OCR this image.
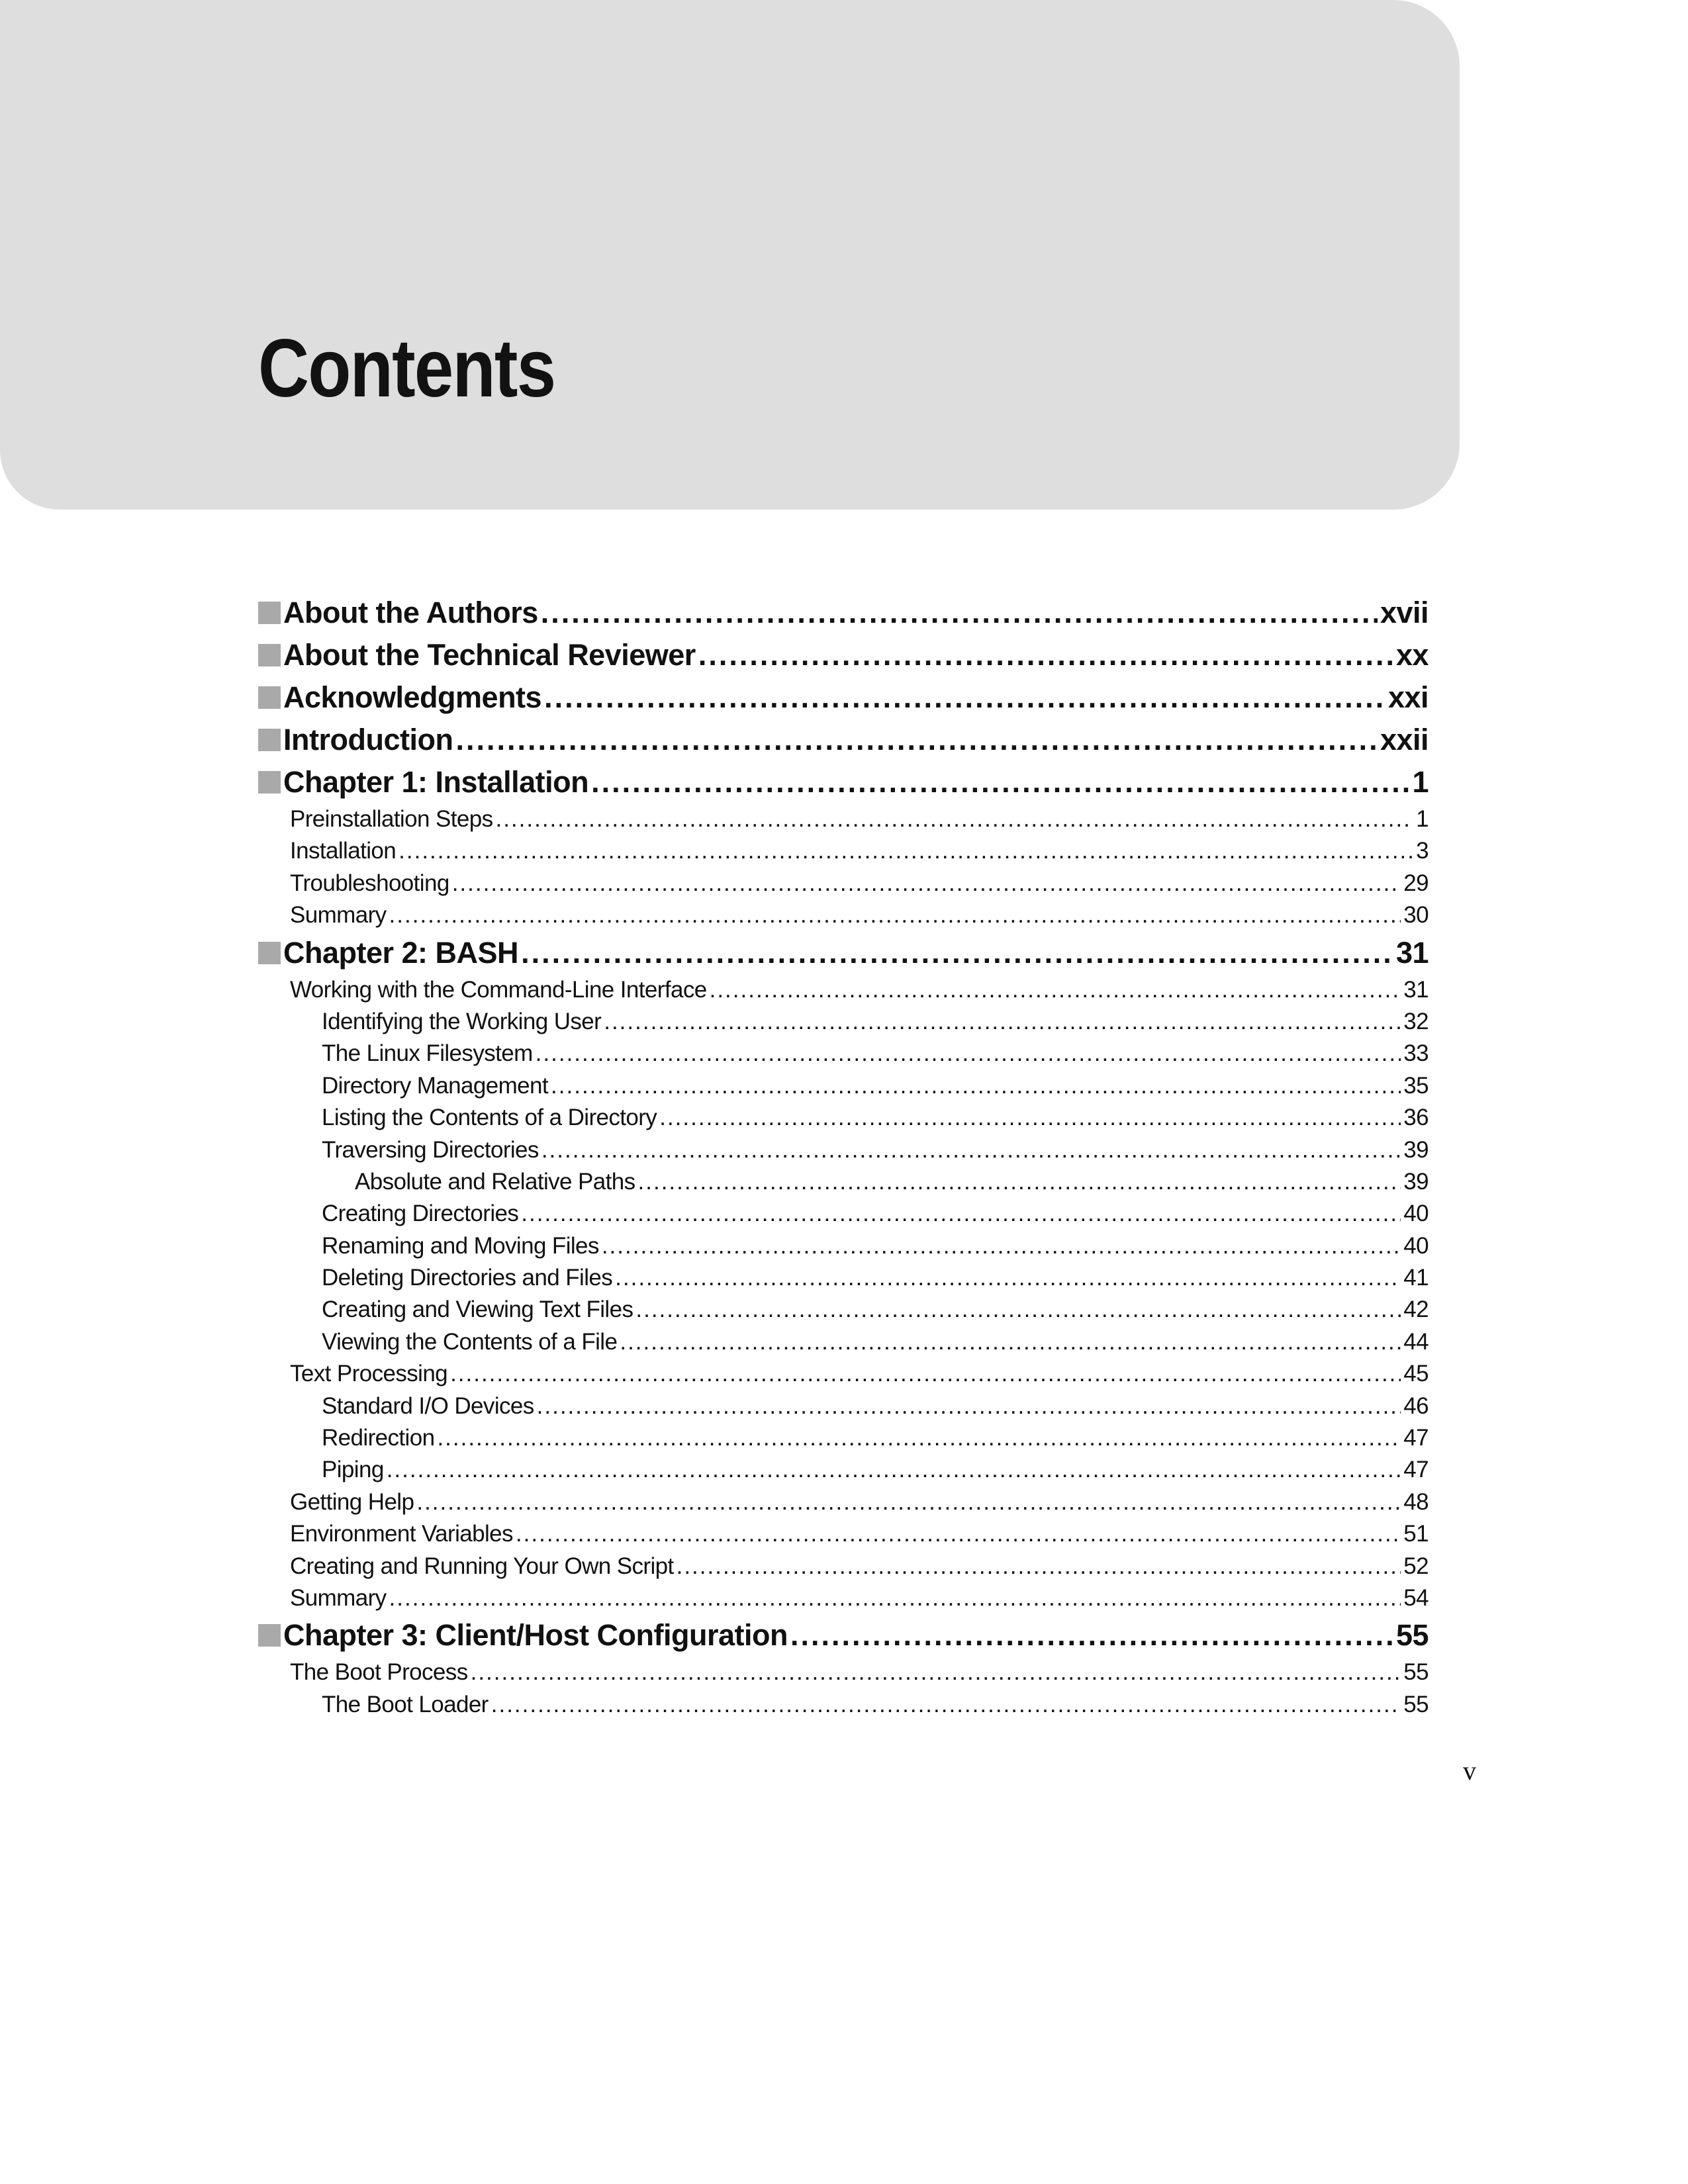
Contents
About the Authors .....	xvii
About the Technical Reviewer .....	xx
Acknowledgments .....	xxi
Introduction .....	xxii
Chapter 1: Installation .....	1
Preinstallation Steps .....	1
Installation .....	3
Troubleshooting .....	29
Summary .....	30
Chapter 2: BASH .....	31
Working with the Command-Line Interface .....	31
Identifying the Working User .....	32
The Linux Filesystem .....	33
Directory Management .....	35
Listing the Contents of a Directory .....	36
Traversing Directories .....	39
Absolute and Relative Paths .....	39
Creating Directories .....	40
Renaming and Moving Files .....	40
Deleting Directories and Files .....	41
Creating and Viewing Text Files .....	42
Viewing the Contents of a File .....	44
Text Processing .....	45
Standard I/O Devices .....	46
Redirection .....	47
Piping .....	47
Getting Help .....	48
Environment Variables .....	51
Creating and Running Your Own Script .....	52
Summary .....	54
Chapter 3: Client/Host Configuration .....	55
The Boot Process .....	55
The Boot Loader .....	55
v
